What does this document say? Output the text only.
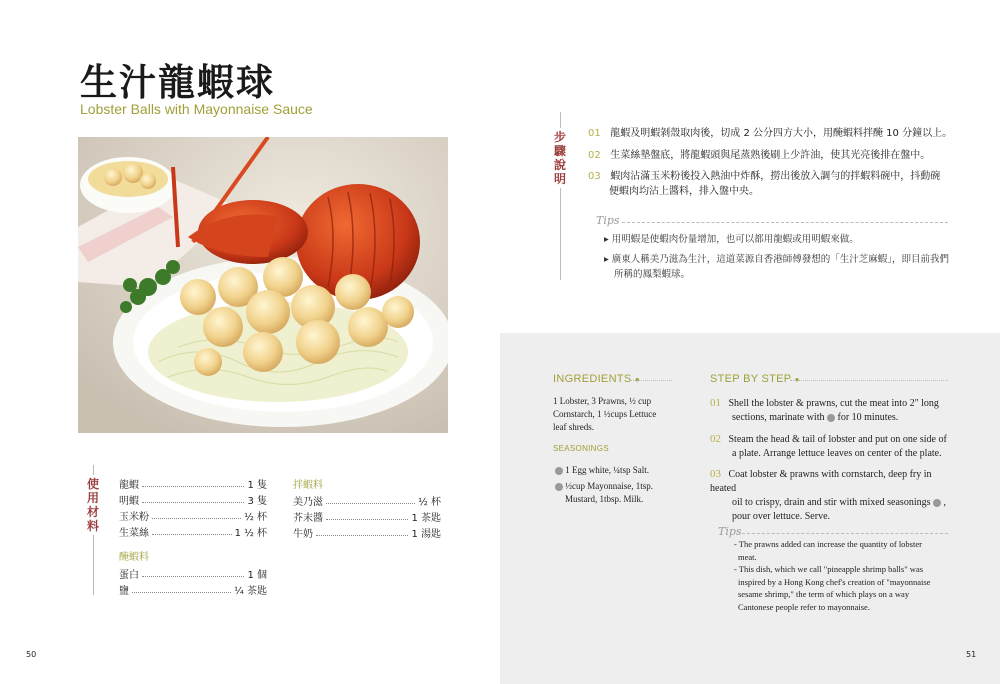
生汁龍蝦球
Lobster Balls with Mayonnaise Sauce
步驟說明
01 龍蝦及明蝦剝殼取肉後，切成 2 公分四方大小，用醃蝦料拌醃 10 分鐘以上。
02 生菜絲墊盤底，將龍蝦頭與尾蒸熟後刷上少許油，使其光亮後排在盤中。
03 蝦肉沾滿玉米粉後投入熱油中炸酥，撈出後放入調勻的拌蝦料碗中，抖動碗
便蝦肉均沾上醬料，排入盤中央。
Tips
▸ 用明蝦是使蝦肉份量增加，也可以都用龍蝦或用明蝦來做。
▸ 廣東人稱美乃滋為生汁，這道菜源自香港師傅發想的「生汁芝麻蝦」，即目前我們
所稱的鳳梨蝦球。
使用材料
龍蝦	1 隻
明蝦	3 隻
玉米粉	½ 杯
生菜絲	1 ½ 杯
醃蝦料
蛋白	1 個
鹽	¼ 茶匙
拌蝦料
美乃滋	½ 杯
芥末醬	1 茶匙
牛奶	1 湯匙
50
INGREDIENTS ●
1 Lobster, 3 Prawns, ½ cup
Cornstarch, 1 ½cups Lettuce
leaf shreds.
SEASONINGS
1 Egg white, ¼tsp Salt.
½cup Mayonnaise, 1tsp.
Mustard, 1tbsp. Milk.
STEP BY STEP ●
01 Shell the lobster & prawns, cut the meat into 2" long
sections, marinate with for 10 minutes.
02 Steam the head & tail of lobster and put on one side of
a plate. Arrange lettuce leaves on center of the plate.
03 Coat lobster & prawns with cornstarch, deep fry in heated
oil to crispy, drain and stir with mixed seasonings ,
pour over lettuce. Serve.
Tips
- The prawns added can increase the quantity of lobster
meat.
- This dish, which we call "pineapple shrimp balls" was
inspired by a Hong Kong chef's creation of "mayonnaise
sesame shrimp," the term of which plays on a way
Cantonese people refer to mayonnaise.
51
